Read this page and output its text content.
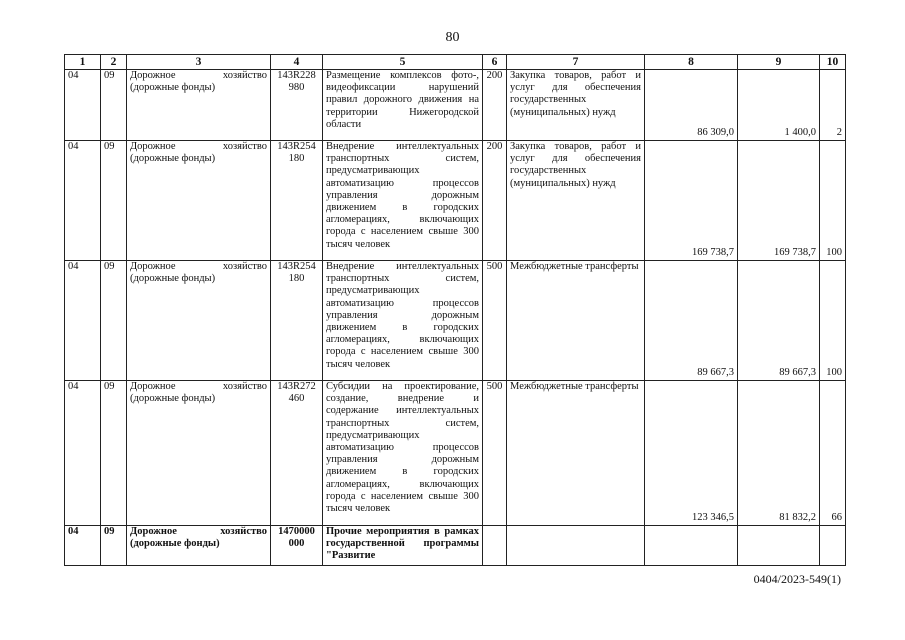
80
1	2	3	4	5	6	7	8	9	10
04	09	Дорожное хозяйство (дорожные фонды)	143R228 980	Размещение комплексов фото-, видеофиксации нарушений правил дорожного движения на территории Нижегородской области	200	Закупка товаров, работ и услуг для обеспечения государственных (муниципальных) нужд	86 309,0	1 400,0	2
04	09	Дорожное хозяйство (дорожные фонды)	143R254 180	Внедрение интеллектуальных транспортных систем, предусматривающих автоматизацию процессов управления дорожным движением в городских агломерациях, включающих города с населением свыше 300 тысяч человек	200	Закупка товаров, работ и услуг для обеспечения государственных (муниципальных) нужд	169 738,7	169 738,7	100
04	09	Дорожное хозяйство (дорожные фонды)	143R254 180	Внедрение интеллектуальных транспортных систем, предусматривающих автоматизацию процессов управления дорожным движением в городских агломерациях, включающих города с населением свыше 300 тысяч человек	500	Межбюджетные трансферты	89 667,3	89 667,3	100
04	09	Дорожное хозяйство (дорожные фонды)	143R272 460	Субсидии на проектирование, создание, внедрение и содержание интеллектуальных транспортных систем, предусматривающих автоматизацию процессов управления дорожным движением в городских агломерациях, включающих города с населением свыше 300 тысяч человек	500	Межбюджетные трансферты	123 346,5	81 832,2	66
04	09	Дорожное хозяйство (дорожные фонды)	1470000 000	Прочие мероприятия в рамках государственной программы "Развитие					
0404/2023-549(1)
